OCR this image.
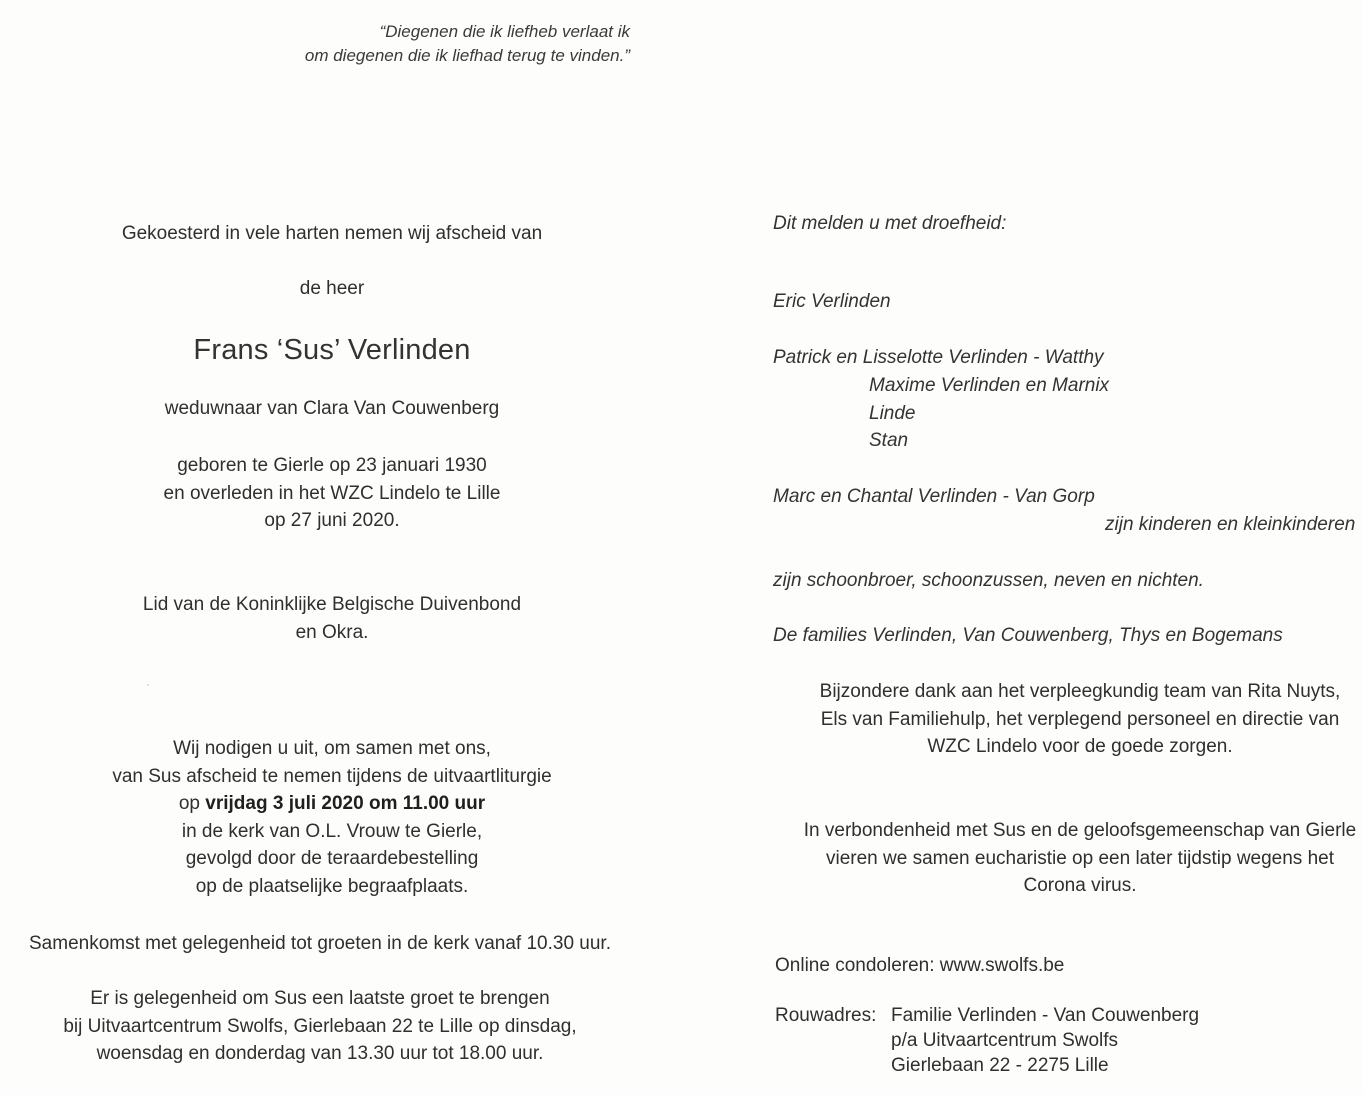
“Diegenen die ik liefheb verlaat ik
om diegenen die ik liefhad terug te vinden.”
Gekoesterd in vele harten nemen wij afscheid van
de heer
Frans ‘Sus’ Verlinden
weduwnaar van Clara Van Couwenberg
geboren te Gierle op 23 januari 1930
en overleden in het WZC Lindelo te Lille
op 27 juni 2020.
Lid van de Koninklijke Belgische Duivenbond
en Okra.
Wij nodigen u uit, om samen met ons,
van Sus afscheid te nemen tijdens de uitvaartliturgie
op vrijdag 3 juli 2020 om 11.00 uur
in de kerk van O.L. Vrouw te Gierle,
gevolgd door de teraardebestelling
op de plaatselijke begraafplaats.
Samenkomst met gelegenheid tot groeten in de kerk vanaf 10.30 uur.
Er is gelegenheid om Sus een laatste groet te brengen
bij Uitvaartcentrum Swolfs, Gierlebaan 22 te Lille op dinsdag,
woensdag en donderdag van 13.30 uur tot 18.00 uur.
Dit melden u met droefheid:
Eric Verlinden
Patrick en Lisselotte Verlinden - Watthy
Maxime Verlinden en Marnix
Linde
Stan
Marc en Chantal Verlinden - Van Gorp
zijn kinderen en kleinkinderen
zijn schoonbroer, schoonzussen, neven en nichten.
De families Verlinden, Van Couwenberg, Thys en Bogemans
Bijzondere dank aan het verpleegkundig team van Rita Nuyts,
Els van Familiehulp, het verplegend personeel en directie van
WZC Lindelo voor de goede zorgen.
In verbondenheid met Sus en de geloofsgemeenschap van Gierle
vieren we samen eucharistie op een later tijdstip wegens het
Corona virus.
Online condoleren: www.swolfs.be
Rouwadres: Familie Verlinden - Van Couwenberg
p/a Uitvaartcentrum Swolfs
Gierlebaan 22 - 2275 Lille
